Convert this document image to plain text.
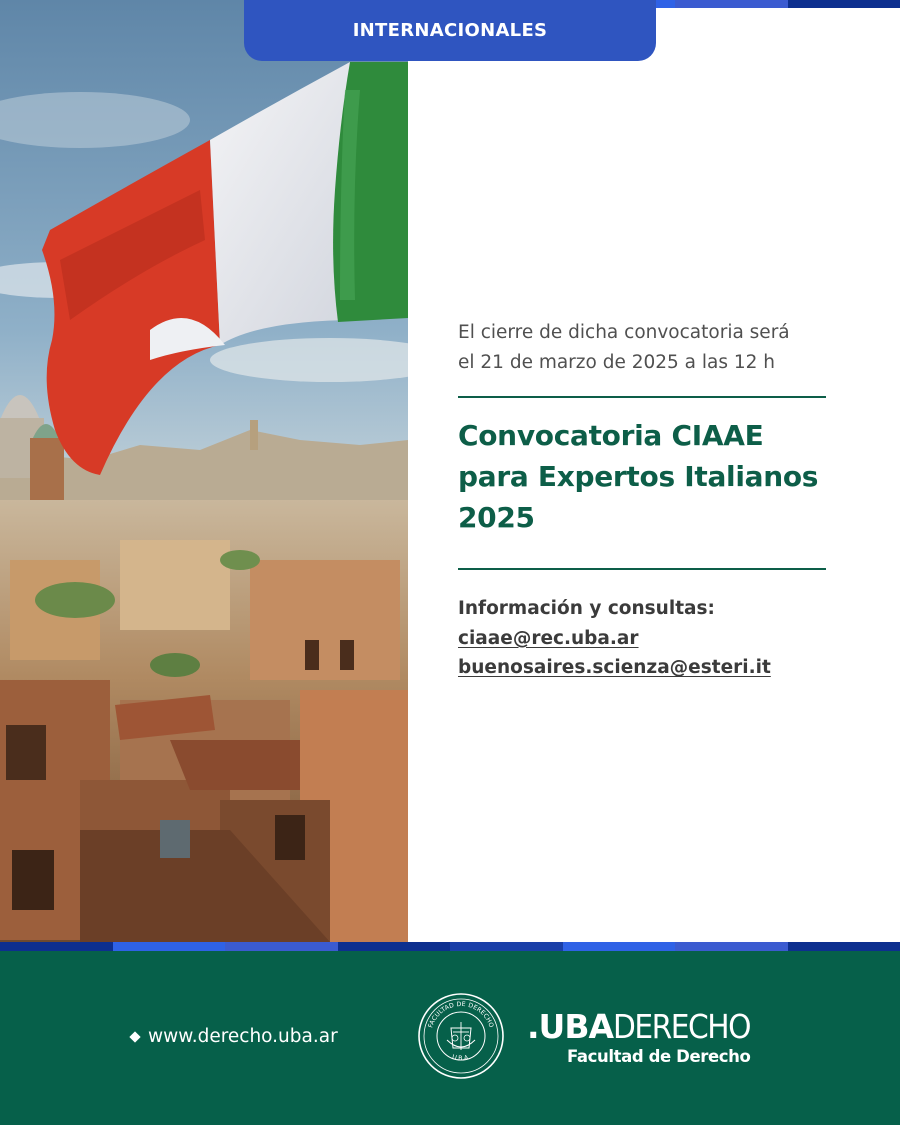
INTERNACIONALES
El cierre de dicha convocatoria será
el 21 de marzo de 2025 a las 12 h
Convocatoria CIAAE
para Expertos Italianos
2025
Información y consultas:
ciaae@rec.uba.ar
buenosaires.scienza@esteri.it
www.derecho.uba.ar	FACULTAD DE DERECHO
U.B.A.
.UBADERECHO
Facultad de Derecho
